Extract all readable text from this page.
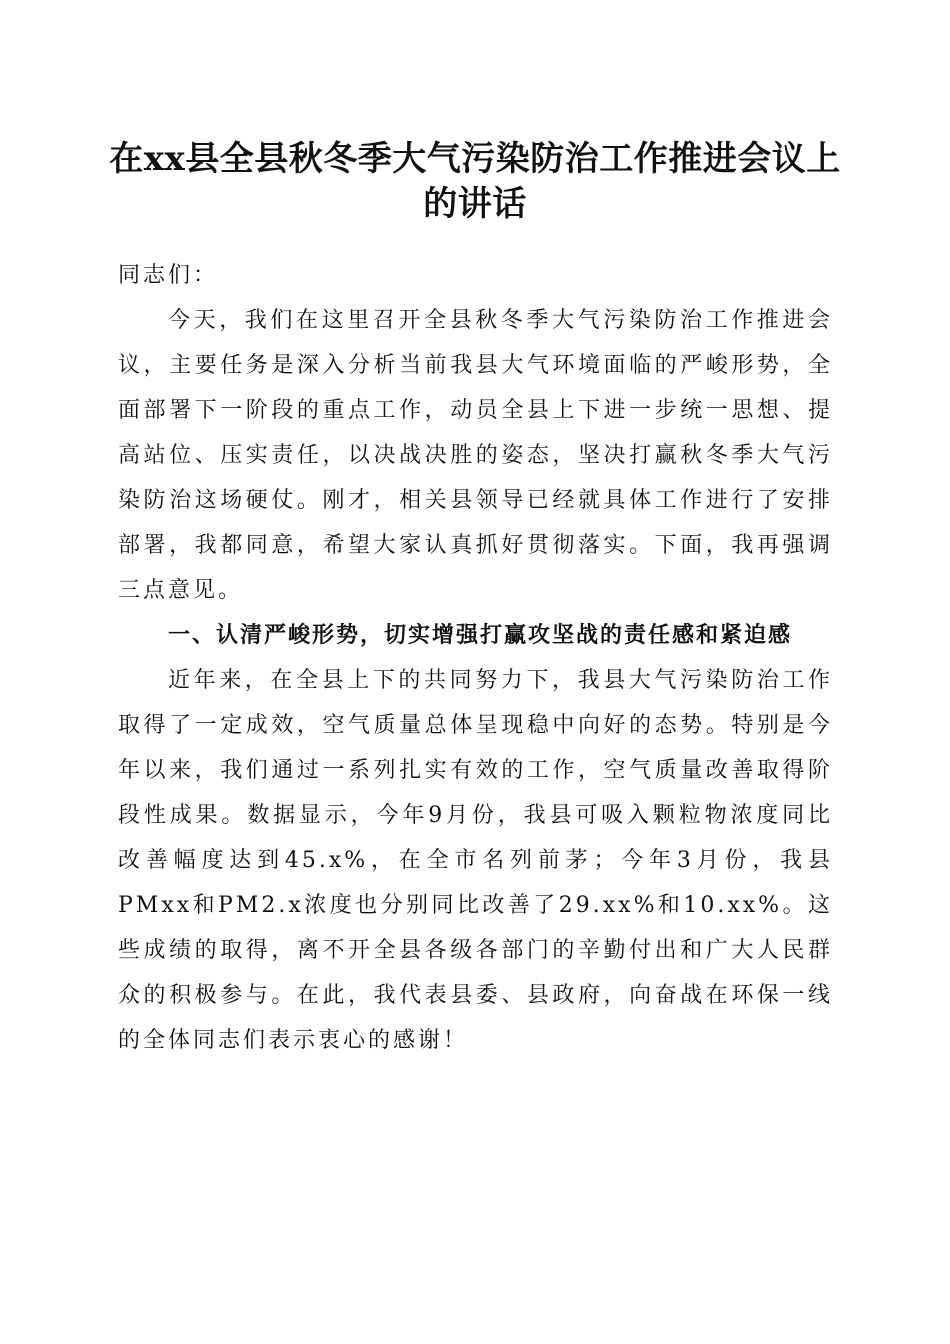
在xx县全县秋冬季大气污染防治工作推进会议上的讲话

同志们：

今天，我们在这里召开全县秋冬季大气污染防治工作推进会议，主要任务是深入分析当前我县大气环境面临的严峻形势，全面部署下一阶段的重点工作，动员全县上下进一步统一思想、提高站位、压实责任，以决战决胜的姿态，坚决打赢秋冬季大气污染防治这场硬仗。刚才，相关县领导已经就具体工作进行了安排部署，我都同意，希望大家认真抓好贯彻落实。下面，我再强调三点意见。

一、认清严峻形势，切实增强打赢攻坚战的责任感和紧迫感

近年来，在全县上下的共同努力下，我县大气污染防治工作取得了一定成效，空气质量总体呈现稳中向好的态势。特别是今年以来，我们通过一系列扎实有效的工作，空气质量改善取得阶段性成果。数据显示，今年9月份，我县可吸入颗粒物浓度同比改善幅度达到45.x%，在全市名列前茅；今年3月份，我县PMxx和PM2.x浓度也分别同比改善了29.xx%和10.xx%。这些成绩的取得，离不开全县各级各部门的辛勤付出和广大人民群众的积极参与。在此，我代表县委、县政府，向奋战在环保一线的全体同志们表示衷心的感谢！
